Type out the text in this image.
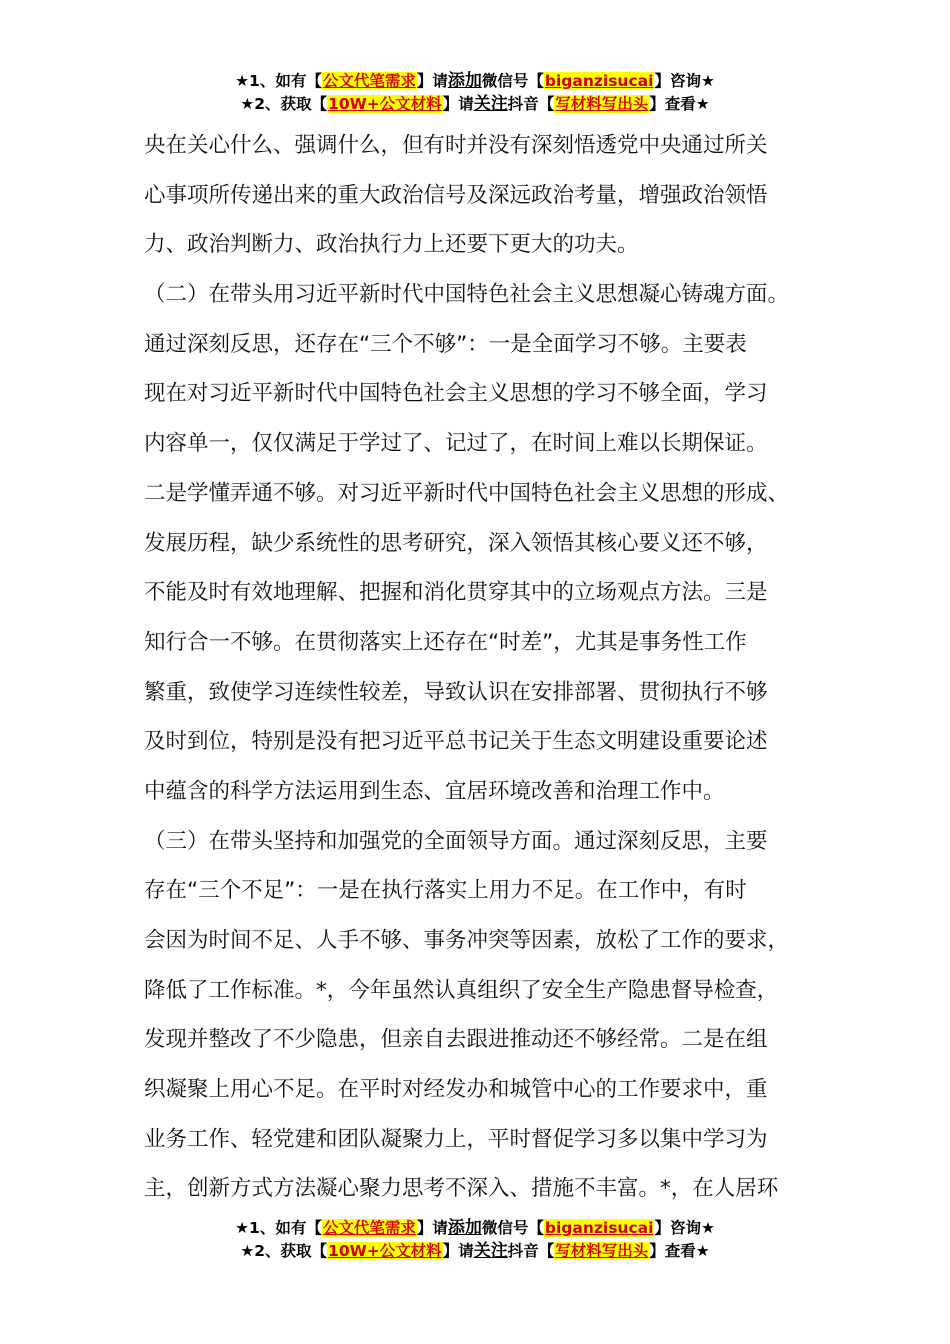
★1、如有【公文代笔需求】请添加微信号【biganzisucai】咨询★
★2、获取【10W+公文材料】请关注抖音【写材料写出头】查看★
央在关心什么、强调什么，但有时并没有深刻悟透党中央通过所关
心事项所传递出来的重大政治信号及深远政治考量，增强政治领悟
力、政治判断力、政治执行力上还要下更大的功夫。
（二）在带头用习近平新时代中国特色社会主义思想凝心铸魂方面。
通过深刻反思，还存在“三个不够”：一是全面学习不够。主要表
现在对习近平新时代中国特色社会主义思想的学习不够全面，学习
内容单一，仅仅满足于学过了、记过了，在时间上难以长期保证。
二是学懂弄通不够。对习近平新时代中国特色社会主义思想的形成、
发展历程，缺少系统性的思考研究，深入领悟其核心要义还不够，
不能及时有效地理解、把握和消化贯穿其中的立场观点方法。三是
知行合一不够。在贯彻落实上还存在“时差”，尤其是事务性工作
繁重，致使学习连续性较差，导致认识在安排部署、贯彻执行不够
及时到位，特别是没有把习近平总书记关于生态文明建设重要论述
中蕴含的科学方法运用到生态、宜居环境改善和治理工作中。
（三）在带头坚持和加强党的全面领导方面。通过深刻反思，主要
存在“三个不足”：一是在执行落实上用力不足。在工作中，有时
会因为时间不足、人手不够、事务冲突等因素，放松了工作的要求，
降低了工作标准。*，今年虽然认真组织了安全生产隐患督导检查，
发现并整改了不少隐患，但亲自去跟进推动还不够经常。二是在组
织凝聚上用心不足。在平时对经发办和城管中心的工作要求中，重
业务工作、轻党建和团队凝聚力上，平时督促学习多以集中学习为
主，创新方式方法凝心聚力思考不深入、措施不丰富。*，在人居环
★1、如有【公文代笔需求】请添加微信号【biganzisucai】咨询★
★2、获取【10W+公文材料】请关注抖音【写材料写出头】查看★
